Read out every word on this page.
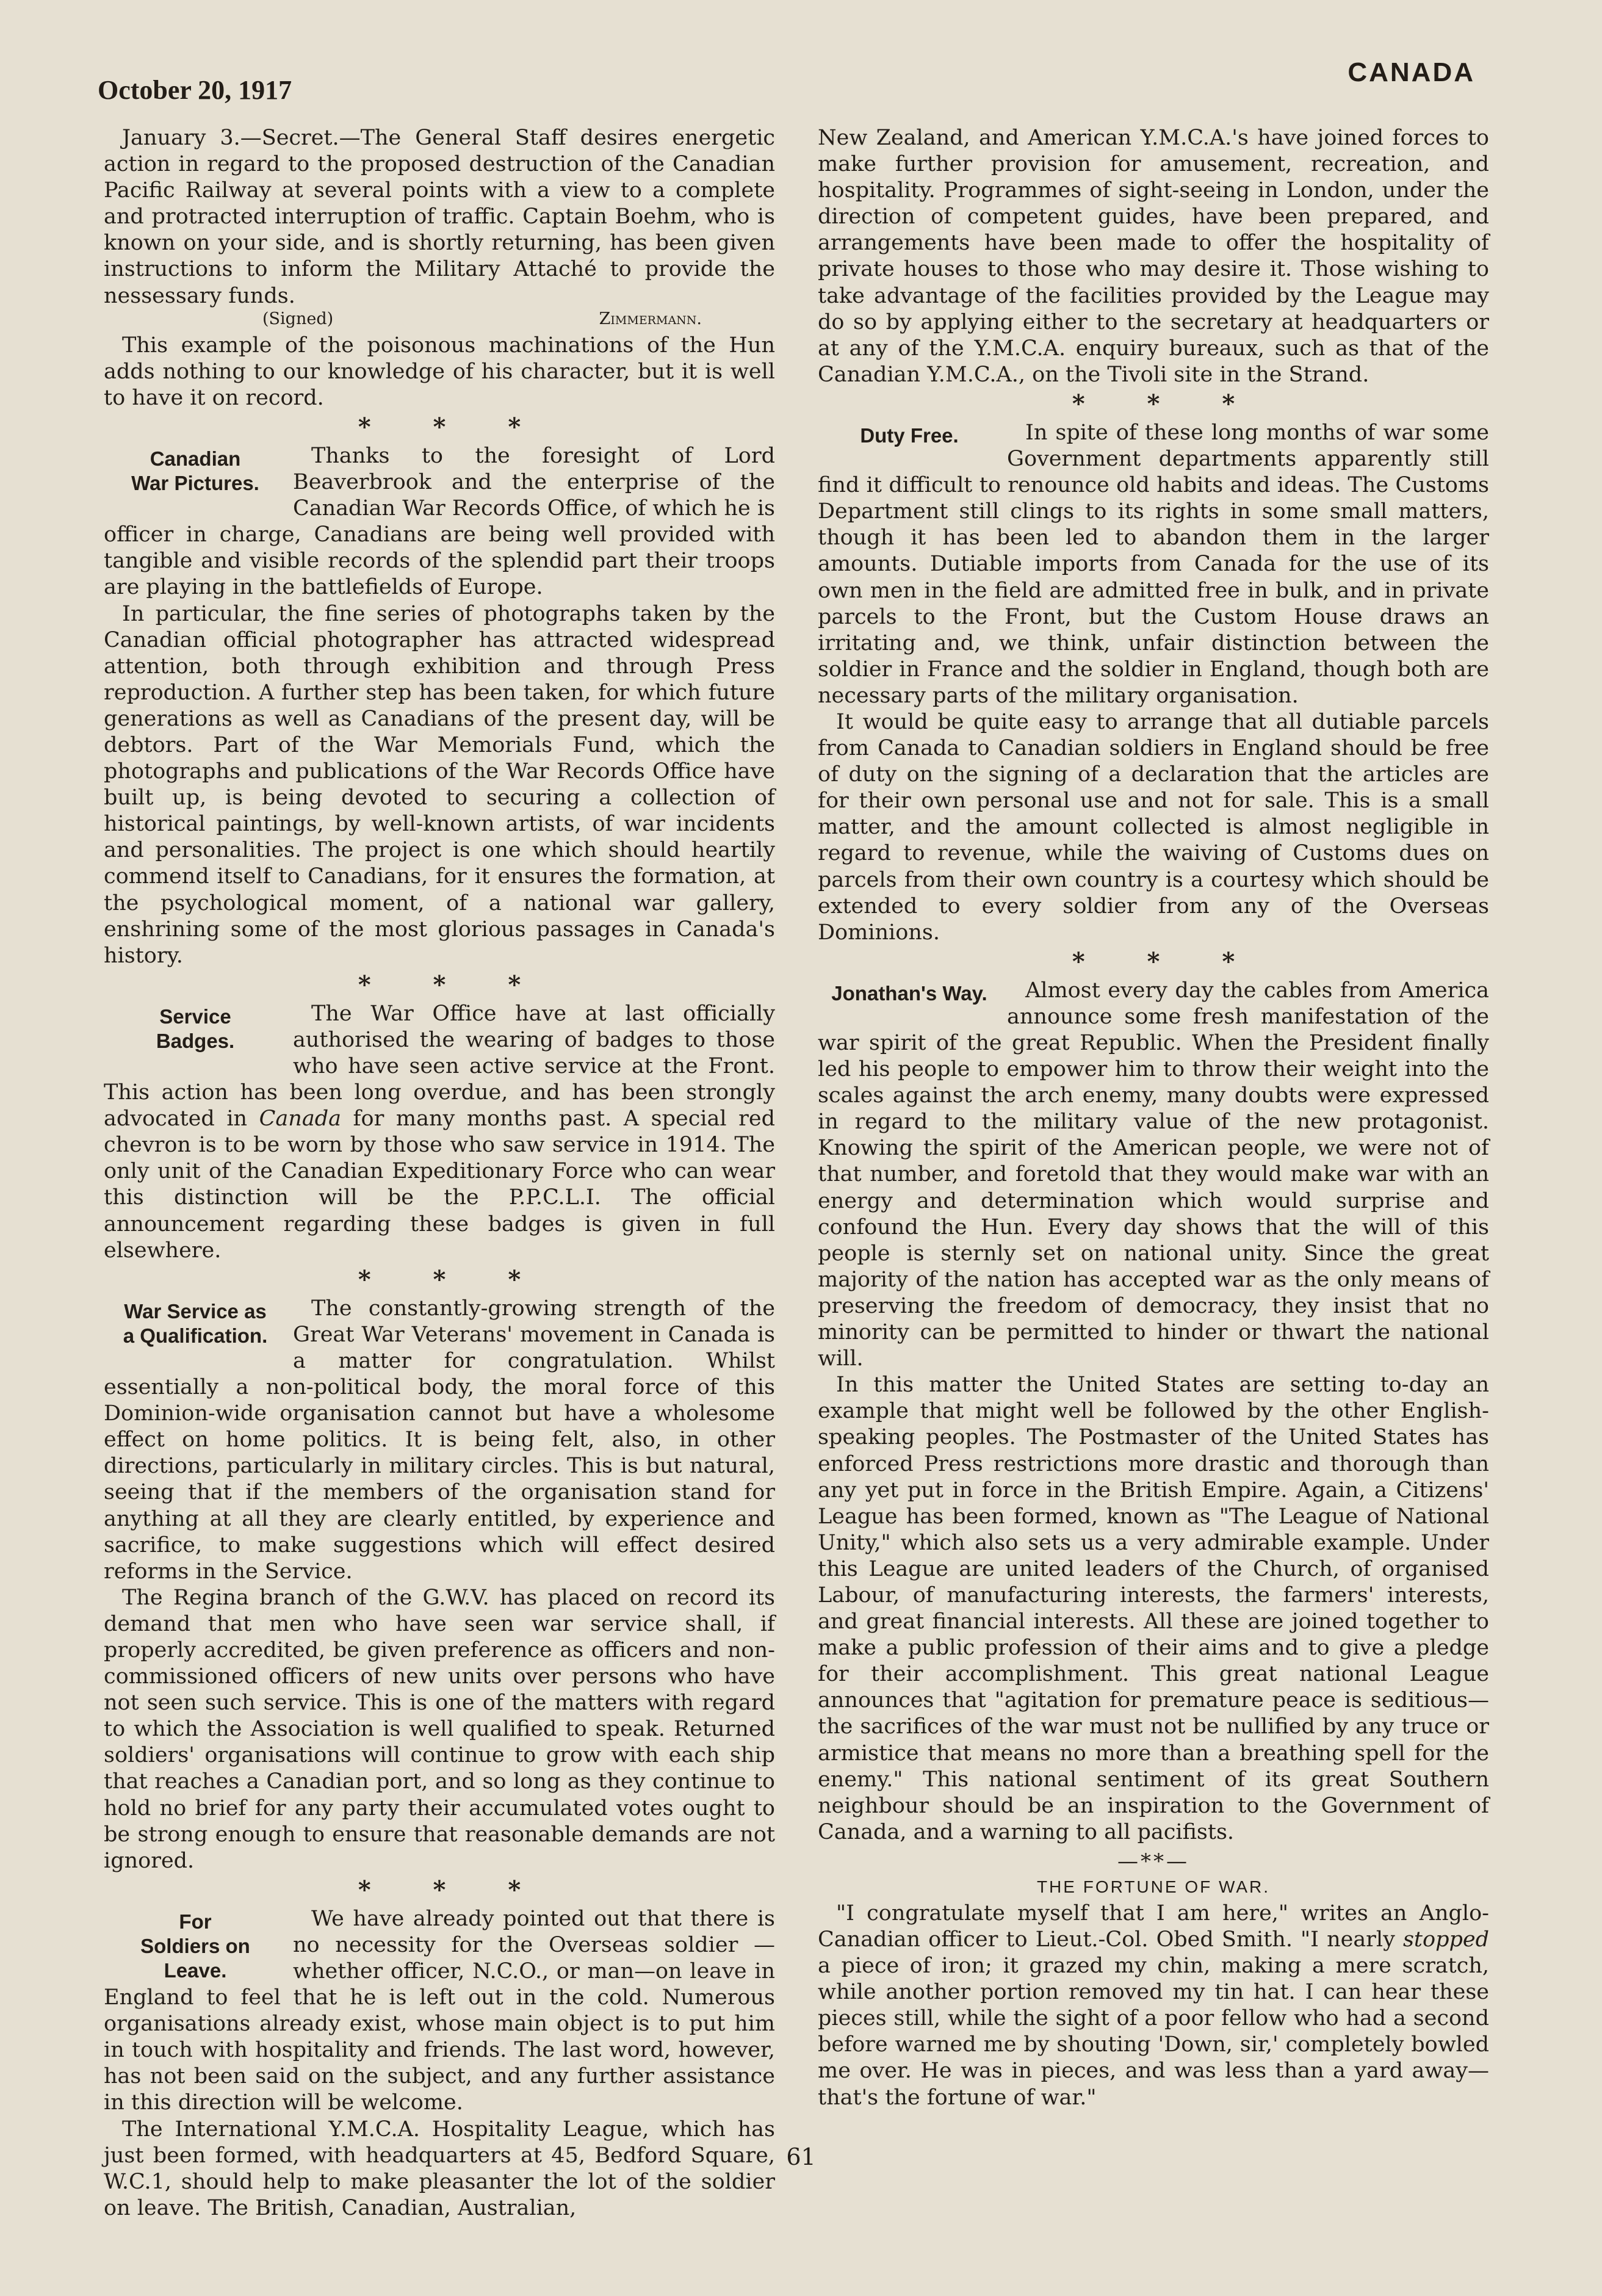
October 20, 1917
CANADA

January 3.—Secret.—The General Staff desires energetic action in regard to the proposed destruction of the Canadian Pacific Railway at several points with a view to a complete and protracted interruption of traffic. Captain Boehm, who is known on your side, and is shortly returning, has been given instructions to inform the Military Attaché to provide the nessessary funds.

(Signed)	Zimmermann.

This example of the poisonous machinations of the Hun adds nothing to our knowledge of his character, but it is well to have it on record.

* * *
Canadian
War Pictures.

Thanks to the foresight of Lord Beaverbrook and the enterprise of the Canadian War Records Office, of which he is officer in charge, Canadians are being well provided with tangible and visible records of the splendid part their troops are playing in the battlefields of Europe.

In particular, the fine series of photographs taken by the Canadian official photographer has attracted widespread attention, both through exhibition and through Press reproduction. A further step has been taken, for which future generations as well as Canadians of the present day, will be debtors. Part of the War Memorials Fund, which the photographs and publications of the War Records Office have built up, is being devoted to securing a collection of historical paintings, by well-known artists, of war incidents and personalities. The project is one which should heartily commend itself to Canadians, for it ensures the formation, at the psychological moment, of a national war gallery, enshrining some of the most glorious passages in Canada's history.

* * *
Service
Badges.

The War Office have at last officially authorised the wearing of badges to those who have seen active service at the Front. This action has been long overdue, and has been strongly advocated in Canada for many months past. A special red chevron is to be worn by those who saw service in 1914. The only unit of the Canadian Expeditionary Force who can wear this distinction will be the P.P.C.L.I. The official announcement regarding these badges is given in full elsewhere.

* * *
War Service as
a Qualification.

The constantly-growing strength of the Great War Veterans' movement in Canada is a matter for congratulation. Whilst essentially a non-political body, the moral force of this Dominion-wide organisation cannot but have a wholesome effect on home politics. It is being felt, also, in other directions, particularly in military circles. This is but natural, seeing that if the members of the organisation stand for anything at all they are clearly entitled, by experience and sacrifice, to make suggestions which will effect desired reforms in the Service.

The Regina branch of the G.W.V. has placed on record its demand that men who have seen war service shall, if properly accredited, be given preference as officers and non-commissioned officers of new units over persons who have not seen such service. This is one of the matters with regard to which the Association is well qualified to speak. Returned soldiers' organisations will continue to grow with each ship that reaches a Canadian port, and so long as they continue to hold no brief for any party their accumulated votes ought to be strong enough to ensure that reasonable demands are not ignored.

* * *
For
Soldiers on
Leave.

We have already pointed out that there is no necessity for the Overseas soldier —whether officer, N.C.O., or man—on leave in England to feel that he is left out in the cold. Numerous organisations already exist, whose main object is to put him in touch with hospitality and friends. The last word, however, has not been said on the subject, and any further assistance in this direction will be welcome.

The International Y.M.C.A. Hospitality League, which has just been formed, with headquarters at 45, Bedford Square, W.C.1, should help to make pleasanter the lot of the soldier on leave. The British, Canadian, Australian,

New Zealand, and American Y.M.C.A.'s have joined forces to make further provision for amusement, recreation, and hospitality. Programmes of sight-seeing in London, under the direction of competent guides, have been prepared, and arrangements have been made to offer the hospitality of private houses to those who may desire it. Those wishing to take advantage of the facilities provided by the League may do so by applying either to the secretary at headquarters or at any of the Y.M.C.A. enquiry bureaux, such as that of the Canadian Y.M.C.A., on the Tivoli site in the Strand.

* * *
Duty Free.	In spite of these long months of war some Government departments apparently still find it difficult to renounce old habits and ideas. The Customs Department still clings to its rights in some small matters, though it has been led to abandon them in the larger amounts. Dutiable imports from Canada for the use of its own men in the field are admitted free in bulk, and in private parcels to the Front, but the Custom House draws an irritating and, we think, unfair distinction between the soldier in France and the soldier in England, though both are necessary parts of the military organisation.

It would be quite easy to arrange that all dutiable parcels from Canada to Canadian soldiers in England should be free of duty on the signing of a declaration that the articles are for their own personal use and not for sale. This is a small matter, and the amount collected is almost negligible in regard to revenue, while the waiving of Customs dues on parcels from their own country is a courtesy which should be extended to every soldier from any of the Overseas Dominions.

* * *
Jonathan's Way.	Almost every day the cables from America announce some fresh manifestation of the war spirit of the great Republic. When the President finally led his people to empower him to throw their weight into the scales against the arch enemy, many doubts were expressed in regard to the military value of the new protagonist. Knowing the spirit of the American people, we were not of that number, and foretold that they would make war with an energy and determination which would surprise and confound the Hun. Every day shows that the will of this people is sternly set on national unity. Since the great majority of the nation has accepted war as the only means of preserving the freedom of democracy, they insist that no minority can be permitted to hinder or thwart the national will.

In this matter the United States are setting to-day an example that might well be followed by the other English-speaking peoples. The Postmaster of the United States has enforced Press restrictions more drastic and thorough than any yet put in force in the British Empire. Again, a Citizens' League has been formed, known as "The League of National Unity," which also sets us a very admirable example. Under this League are united leaders of the Church, of organised Labour, of manufacturing interests, the farmers' interests, and great financial interests. All these are joined together to make a public profession of their aims and to give a pledge for their accomplishment. This great national League announces that "agitation for premature peace is seditious—the sacrifices of the war must not be nullified by any truce or armistice that means no more than a breathing spell for the enemy." This national sentiment of its great Southern neighbour should be an inspiration to the Government of Canada, and a warning to all pacifists.

—**—
THE FORTUNE OF WAR.

"I congratulate myself that I am here," writes an Anglo-Canadian officer to Lieut.-Col. Obed Smith. "I nearly stopped a piece of iron; it grazed my chin, making a mere scratch, while another portion removed my tin hat. I can hear these pieces still, while the sight of a poor fellow who had a second before warned me by shouting 'Down, sir,' completely bowled me over. He was in pieces, and was less than a yard away—that's the fortune of war."

61
